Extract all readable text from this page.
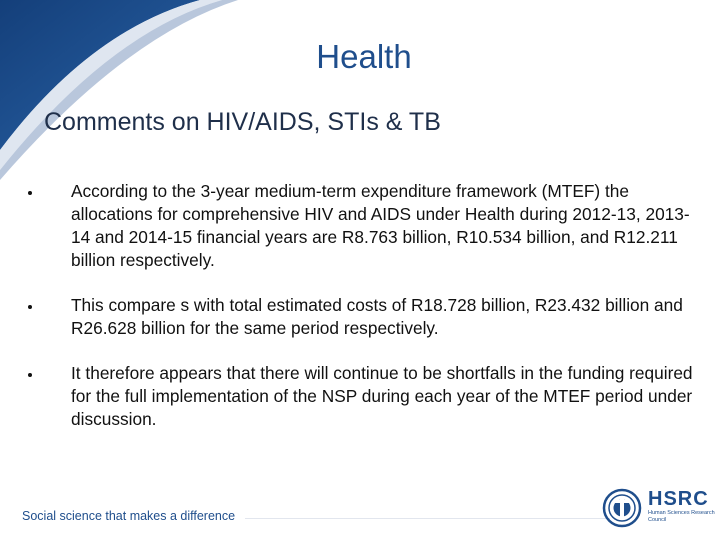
Health
Comments on HIV/AIDS, STIs & TB
According to the 3-year medium-term expenditure framework (MTEF) the allocations for comprehensive HIV and AIDS under Health during 2012-13, 2013-14 and 2014-15 financial years are R8.763 billion, R10.534 billion, and R12.211 billion respectively.
This compare s with total estimated costs of R18.728 billion, R23.432 billion and R26.628 billion for the same period respectively.
It therefore appears that there will continue to be shortfalls in the funding required for the full implementation of the NSP during each year of the MTEF period under discussion.
Social science that makes a difference
HSRC
Human Sciences Research Council
